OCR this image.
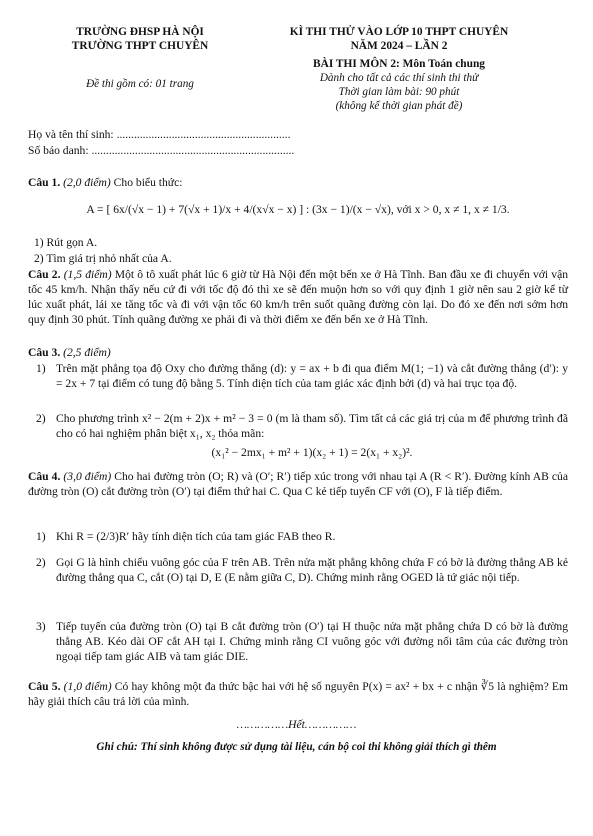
TRƯỜNG ĐHSP HÀ NỘI
TRƯỜNG THPT CHUYÊN
Đề thi gồm có: 01 trang
KÌ THI THỬ VÀO LỚP 10 THPT CHUYÊN
NĂM 2024 – LẦN 2
BÀI THI MÔN 2: Môn Toán chung
Dành cho tất cả các thí sinh thi thử
Thời gian làm bài: 90 phút
(không kể thời gian phát đề)
Họ và tên thí sinh: ............................................................
Số báo danh: ......................................................................
Câu 1. (2,0 điểm) Cho biểu thức:
A = [ 6x/(√x − 1) + 7(√x + 1)/x + 4/(x√x − x) ] : (3x − 1)/(x − √x), với x > 0, x ≠ 1, x ≠ 1/3.
1) Rút gọn A.
2) Tìm giá trị nhỏ nhất của A.
Câu 2. (1,5 điểm) Một ô tô xuất phát lúc 6 giờ từ Hà Nội đến một bến xe ở Hà Tĩnh. Ban đầu xe đi chuyển với vận tốc 45 km/h. Nhận thấy nếu cứ đi với tốc độ đó thì xe sẽ đến muộn hơn so với quy định 1 giờ nên sau 2 giờ kể từ lúc xuất phát, lái xe tăng tốc và đi với vận tốc 60 km/h trên suốt quãng đường còn lại. Do đó xe đến nơi sớm hơn quy định 30 phút. Tính quãng đường xe phải đi và thời điểm xe đến bến xe ở Hà Tĩnh.
Câu 3. (2,5 điểm)
1) Trên mặt phẳng tọa độ Oxy cho đường thẳng (d): y = ax + b đi qua điểm M(1; −1) và cắt đường thẳng (d′): y = 2x + 7 tại điểm có tung độ bằng 5. Tính diện tích của tam giác xác định bởi (d) và hai trục tọa độ.
2) Cho phương trình x² − 2(m + 2)x + m² − 3 = 0 (m là tham số). Tìm tất cả các giá trị của m để phương trình đã cho có hai nghiệm phân biệt x₁, x₂ thỏa mãn:
(x₁² − 2mx₁ + m² + 1)(x₂ + 1) = 2(x₁ + x₂)².
Câu 4. (3,0 điểm) Cho hai đường tròn (O; R) và (O′; R′) tiếp xúc trong với nhau tại A (R < R′). Đường kính AB của đường tròn (O) cắt đường tròn (O′) tại điểm thứ hai C. Qua C kẻ tiếp tuyến CF với (O), F là tiếp điểm.
1) Khi R = (2/3)R′ hãy tính diện tích của tam giác FAB theo R.
2) Gọi G là hình chiếu vuông góc của F trên AB. Trên nửa mặt phẳng không chứa F có bờ là đường thẳng AB kẻ đường thẳng qua C, cắt (O) tại D, E (E nằm giữa C, D). Chứng minh rằng OGED là tứ giác nội tiếp.
3) Tiếp tuyến của đường tròn (O) tại B cắt đường tròn (O′) tại H thuộc nửa mặt phẳng chứa D có bờ là đường thẳng AB. Kéo dài OF cắt AH tại I. Chứng minh rằng CI vuông góc với đường nối tâm của các đường tròn ngoại tiếp tam giác AIB và tam giác DIE.
Câu 5. (1,0 điểm) Có hay không một đa thức bậc hai với hệ số nguyên P(x) = ax² + bx + c nhận ∛5 là nghiệm? Em hãy giải thích câu trả lời của mình.
……………Hết……………
Ghi chú: Thí sinh không được sử dụng tài liệu, cán bộ coi thi không giải thích gì thêm
